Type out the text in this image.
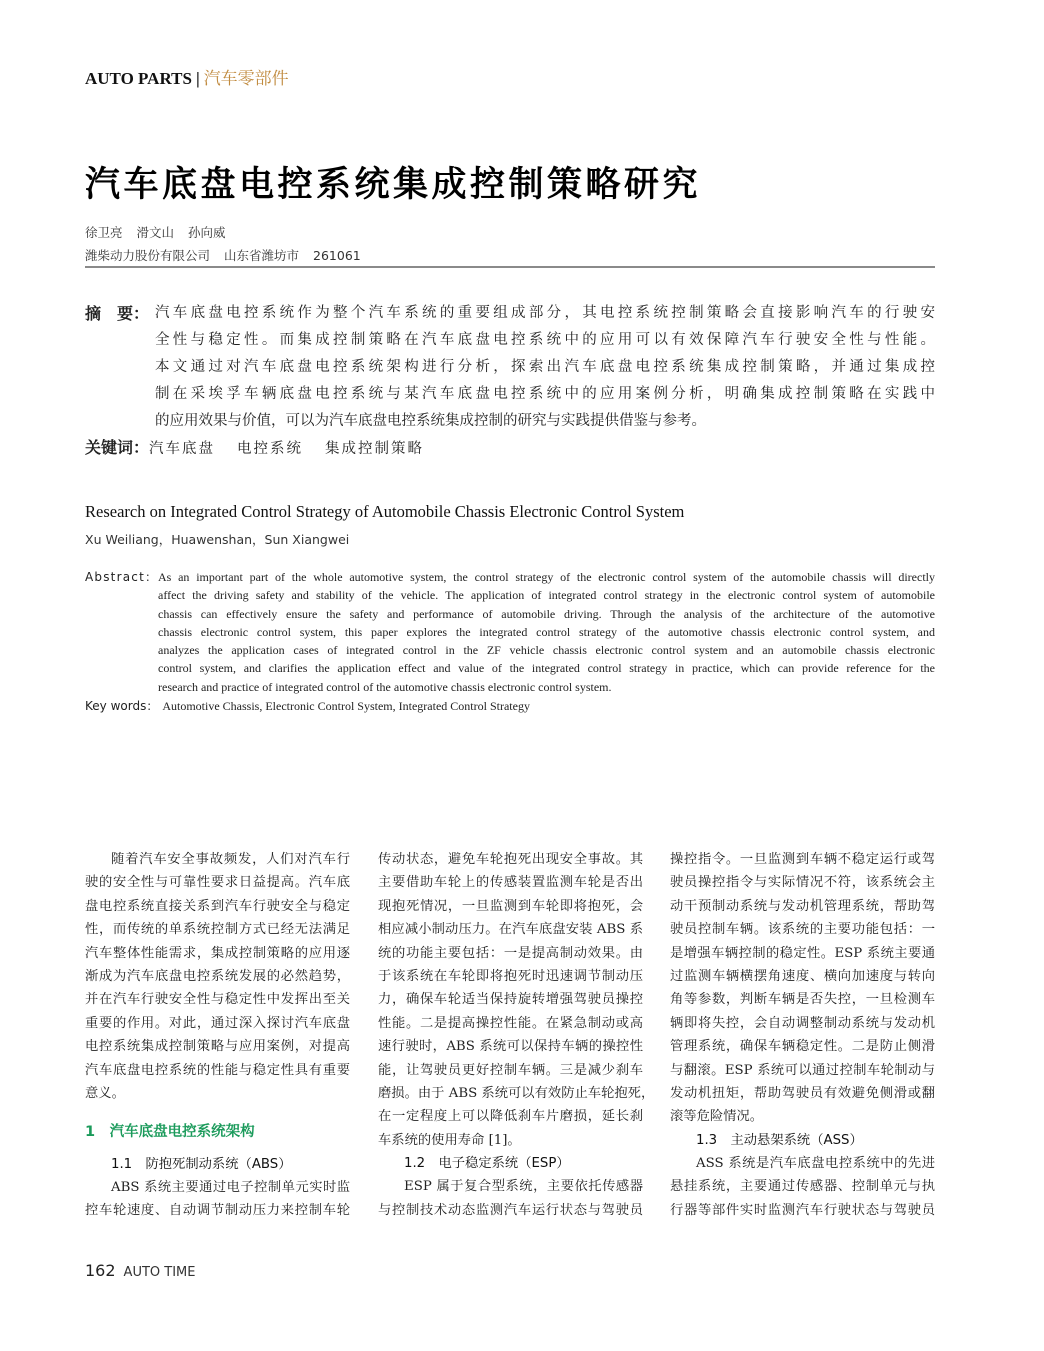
AUTO PARTS | 汽车零部件
汽车底盘电控系统集成控制策略研究
徐卫亮 滑文山 孙向威
潍柴动力股份有限公司 山东省潍坊市 261061
摘　要： 汽车底盘电控系统作为整个汽车系统的重要组成部分，其电控系统控制策略会直接影响汽车的行驶安
全性与稳定性。而集成控制策略在汽车底盘电控系统中的应用可以有效保障汽车行驶安全性与性能。
本文通过对汽车底盘电控系统架构进行分析，探索出汽车底盘电控系统集成控制策略，并通过集成控
制在采埃孚车辆底盘电控系统与某汽车底盘电控系统中的应用案例分析，明确集成控制策略在实践中
的应用效果与价值，可以为汽车底盘电控系统集成控制的研究与实践提供借鉴与参考。
关键词：汽车底盘 电控系统 集成控制策略
Research on Integrated Control Strategy of Automobile Chassis Electronic Control System
Xu Weiliang，Huawenshan，Sun Xiangwei
Abstract： As an important part of the whole automotive system, the control strategy of the electronic control system of the automobile chassis will directly
affect the driving safety and stability of the vehicle. The application of integrated control strategy in the electronic control system of automobile
chassis can effectively ensure the safety and performance of automobile driving. Through the analysis of the architecture of the automotive
chassis electronic control system, this paper explores the integrated control strategy of the automotive chassis electronic control system, and
analyzes the application cases of integrated control in the ZF vehicle chassis electronic control system and an automobile chassis electronic
control system, and clarifies the application effect and value of the integrated control strategy in practice, which can provide reference for the
research and practice of integrated control of the automotive chassis electronic control system.
Key words： Automotive Chassis, Electronic Control System, Integrated Control Strategy
随着汽车安全事故频发，人们对汽车行
驶的安全性与可靠性要求日益提高。汽车底
盘电控系统直接关系到汽车行驶安全与稳定
性，而传统的单系统控制方式已经无法满足
汽车整体性能需求，集成控制策略的应用逐
渐成为汽车底盘电控系统发展的必然趋势，
并在汽车行驶安全性与稳定性中发挥出至关
重要的作用。对此，通过深入探讨汽车底盘
电控系统集成控制策略与应用案例，对提高
汽车底盘电控系统的性能与稳定性具有重要
意义。
1　汽车底盘电控系统架构
1.1　防抱死制动系统（ABS）
ABS 系统主要通过电子控制单元实时监
控车轮速度、自动调节制动压力来控制车轮
传动状态，避免车轮抱死出现安全事故。其
主要借助车轮上的传感装置监测车轮是否出
现抱死情况，一旦监测到车轮即将抱死，会
相应减小制动压力。在汽车底盘安装 ABS 系
统的功能主要包括：一是提高制动效果。由
于该系统在车轮即将抱死时迅速调节制动压
力，确保车轮适当保持旋转增强驾驶员操控
性能。二是提高操控性能。在紧急制动或高
速行驶时，ABS 系统可以保持车辆的操控性
能，让驾驶员更好控制车辆。三是减少刹车
磨损。由于 ABS 系统可以有效防止车轮抱死，
在一定程度上可以降低刹车片磨损，延长刹
车系统的使用寿命 [1]。
1.2　电子稳定系统（ESP）
ESP 属于复合型系统，主要依托传感器
与控制技术动态监测汽车运行状态与驾驶员
操控指令。一旦监测到车辆不稳定运行或驾
驶员操控指令与实际情况不符，该系统会主
动干预制动系统与发动机管理系统，帮助驾
驶员控制车辆。该系统的主要功能包括：一
是增强车辆控制的稳定性。ESP 系统主要通
过监测车辆横摆角速度、横向加速度与转向
角等参数，判断车辆是否失控，一旦检测车
辆即将失控，会自动调整制动系统与发动机
管理系统，确保车辆稳定性。二是防止侧滑
与翻滚。ESP 系统可以通过控制车轮制动与
发动机扭矩，帮助驾驶员有效避免侧滑或翻
滚等危险情况。
1.3　主动悬架系统（ASS）
ASS 系统是汽车底盘电控系统中的先进
悬挂系统，主要通过传感器、控制单元与执
行器等部件实时监测汽车行驶状态与驾驶员
162 AUTO TIME
